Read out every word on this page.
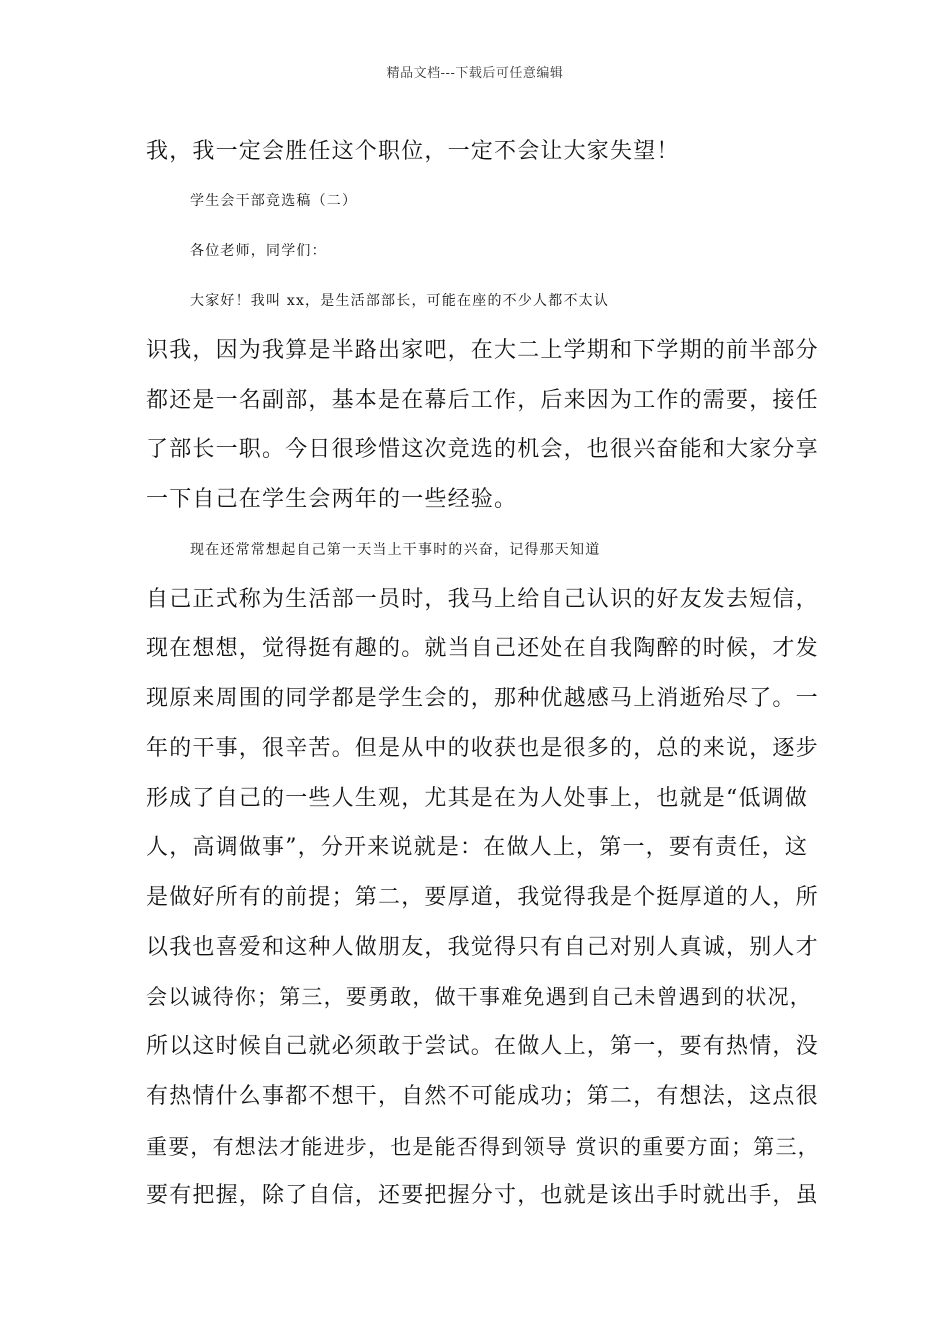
精品文档---下载后可任意编辑
我，我一定会胜任这个职位，一定不会让大家失望！
学生会干部竞选稿（二）
各位老师，同学们：
大家好！我叫 xx，是生活部部长，可能在座的不少人都不太认
识我，因为我算是半路出家吧，在大二上学期和下学期的前半部分
都还是一名副部，基本是在幕后工作，后来因为工作的需要，接任
了部长一职。今日很珍惜这次竞选的机会，也很兴奋能和大家分享
一下自己在学生会两年的一些经验。
现在还常常想起自己第一天当上干事时的兴奋，记得那天知道
自己正式称为生活部一员时，我马上给自己认识的好友发去短信，
现在想想，觉得挺有趣的。就当自己还处在自我陶醉的时候，才发
现原来周围的同学都是学生会的，那种优越感马上消逝殆尽了。一
年的干事，很辛苦。但是从中的收获也是很多的，总的来说，逐步
形成了自己的一些人生观，尤其是在为人处事上，也就是“低调做
人，高调做事”，分开来说就是：在做人上，第一，要有责任，这
是做好所有的前提；第二，要厚道，我觉得我是个挺厚道的人，所
以我也喜爱和这种人做朋友，我觉得只有自己对别人真诚，别人才
会以诚待你；第三，要勇敢，做干事难免遇到自己未曾遇到的状况，
所以这时候自己就必须敢于尝试。在做人上，第一，要有热情，没
有热情什么事都不想干，自然不可能成功；第二，有想法，这点很
重要，有想法才能进步，也是能否得到领导 赏识的重要方面；第三，
要有把握，除了自信，还要把握分寸，也就是该出手时就出手，虽
